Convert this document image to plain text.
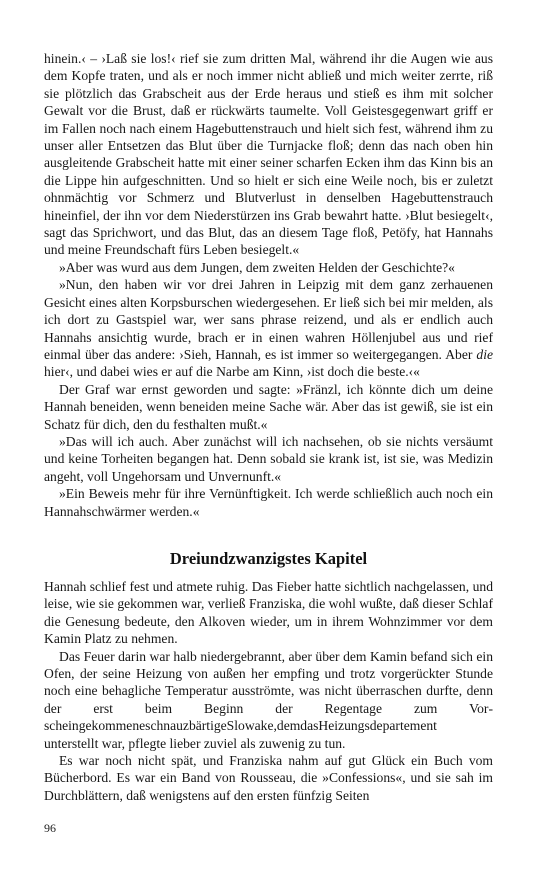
hinein.‹ – ›Laß sie los!‹ rief sie zum dritten Mal, während ihr die Augen wie aus dem Kopfe traten, und als er noch immer nicht abließ und mich weiter zerrte, riß sie plötzlich das Grabscheit aus der Erde heraus und stieß es ihm mit solcher Gewalt vor die Brust, daß er rückwärts taumelte. Voll Geistesgegenwart griff er im Fallen noch nach einem Hagebuttenstrauch und hielt sich fest, während ihm zu unser aller Entsetzen das Blut über die Turnjacke floß; denn das nach oben hin ausgleitende Grabscheit hatte mit einer seiner scharfen Ecken ihm das Kinn bis an die Lippe hin aufgeschnitten. Und so hielt er sich eine Weile noch, bis er zuletzt ohnmächtig vor Schmerz und Blutverlust in denselben Hagebuttenstrauch hineinfiel, der ihn vor dem Niederstürzen ins Grab bewahrt hatte. ›Blut besiegelt‹, sagt das Sprichwort, und das Blut, das an diesem Tage floß, Petöfy, hat Hannahs und meine Freundschaft fürs Leben besiegelt.«

»Aber was wurd aus dem Jungen, dem zweiten Helden der Geschichte?«

»Nun, den haben wir vor drei Jahren in Leipzig mit dem ganz zerhauenen Gesicht eines alten Korpsburschen wiedergesehen. Er ließ sich bei mir melden, als ich dort zu Gastspiel war, wer sans phrase reizend, und als er endlich auch Hannahs ansichtig wurde, brach er in einen wahren Höllenjubel aus und rief einmal über das andere: ›Sieh, Hannah, es ist immer so weitergegangen. Aber die hier‹, und dabei wies er auf die Narbe am Kinn, ›ist doch die beste.‹«

Der Graf war ernst geworden und sagte: »Fränzl, ich könnte dich um deine Hannah beneiden, wenn beneiden meine Sache wär. Aber das ist gewiß, sie ist ein Schatz für dich, den du festhalten mußt.«

»Das will ich auch. Aber zunächst will ich nachsehen, ob sie nichts versäumt und keine Torheiten begangen hat. Denn sobald sie krank ist, ist sie, was Medizin angeht, voll Ungehorsam und Unvernunft.«

»Ein Beweis mehr für ihre Vernünftigkeit. Ich werde schließlich auch noch ein Hannahschwärmer werden.«

Dreiundzwanzigstes Kapitel

Hannah schlief fest und atmete ruhig. Das Fieber hatte sichtlich nachgelassen, und leise, wie sie gekommen war, verließ Franziska, die wohl wußte, daß dieser Schlaf die Genesung bedeute, den Alkoven wieder, um in ihrem Wohnzimmer vor dem Kamin Platz zu nehmen.

Das Feuer darin war halb niedergebrannt, aber über dem Kamin befand sich ein Ofen, der seine Heizung von außen her empfing und trotz vorgerückter Stunde noch eine behagliche Temperatur ausströmte, was nicht überraschen durfte, denn der erst beim Beginn der Regentage zum VorscheingekommeneschnauzbärtigeSlowake,demdasHeizungsdepartement unterstellt war, pflegte lieber zuviel als zuwenig zu tun.

Es war noch nicht spät, und Franziska nahm auf gut Glück ein Buch vom Bücherbord. Es war ein Band von Rousseau, die »Confessions«, und sie sah im Durchblättern, daß wenigstens auf den ersten fünfzig Seiten

96
